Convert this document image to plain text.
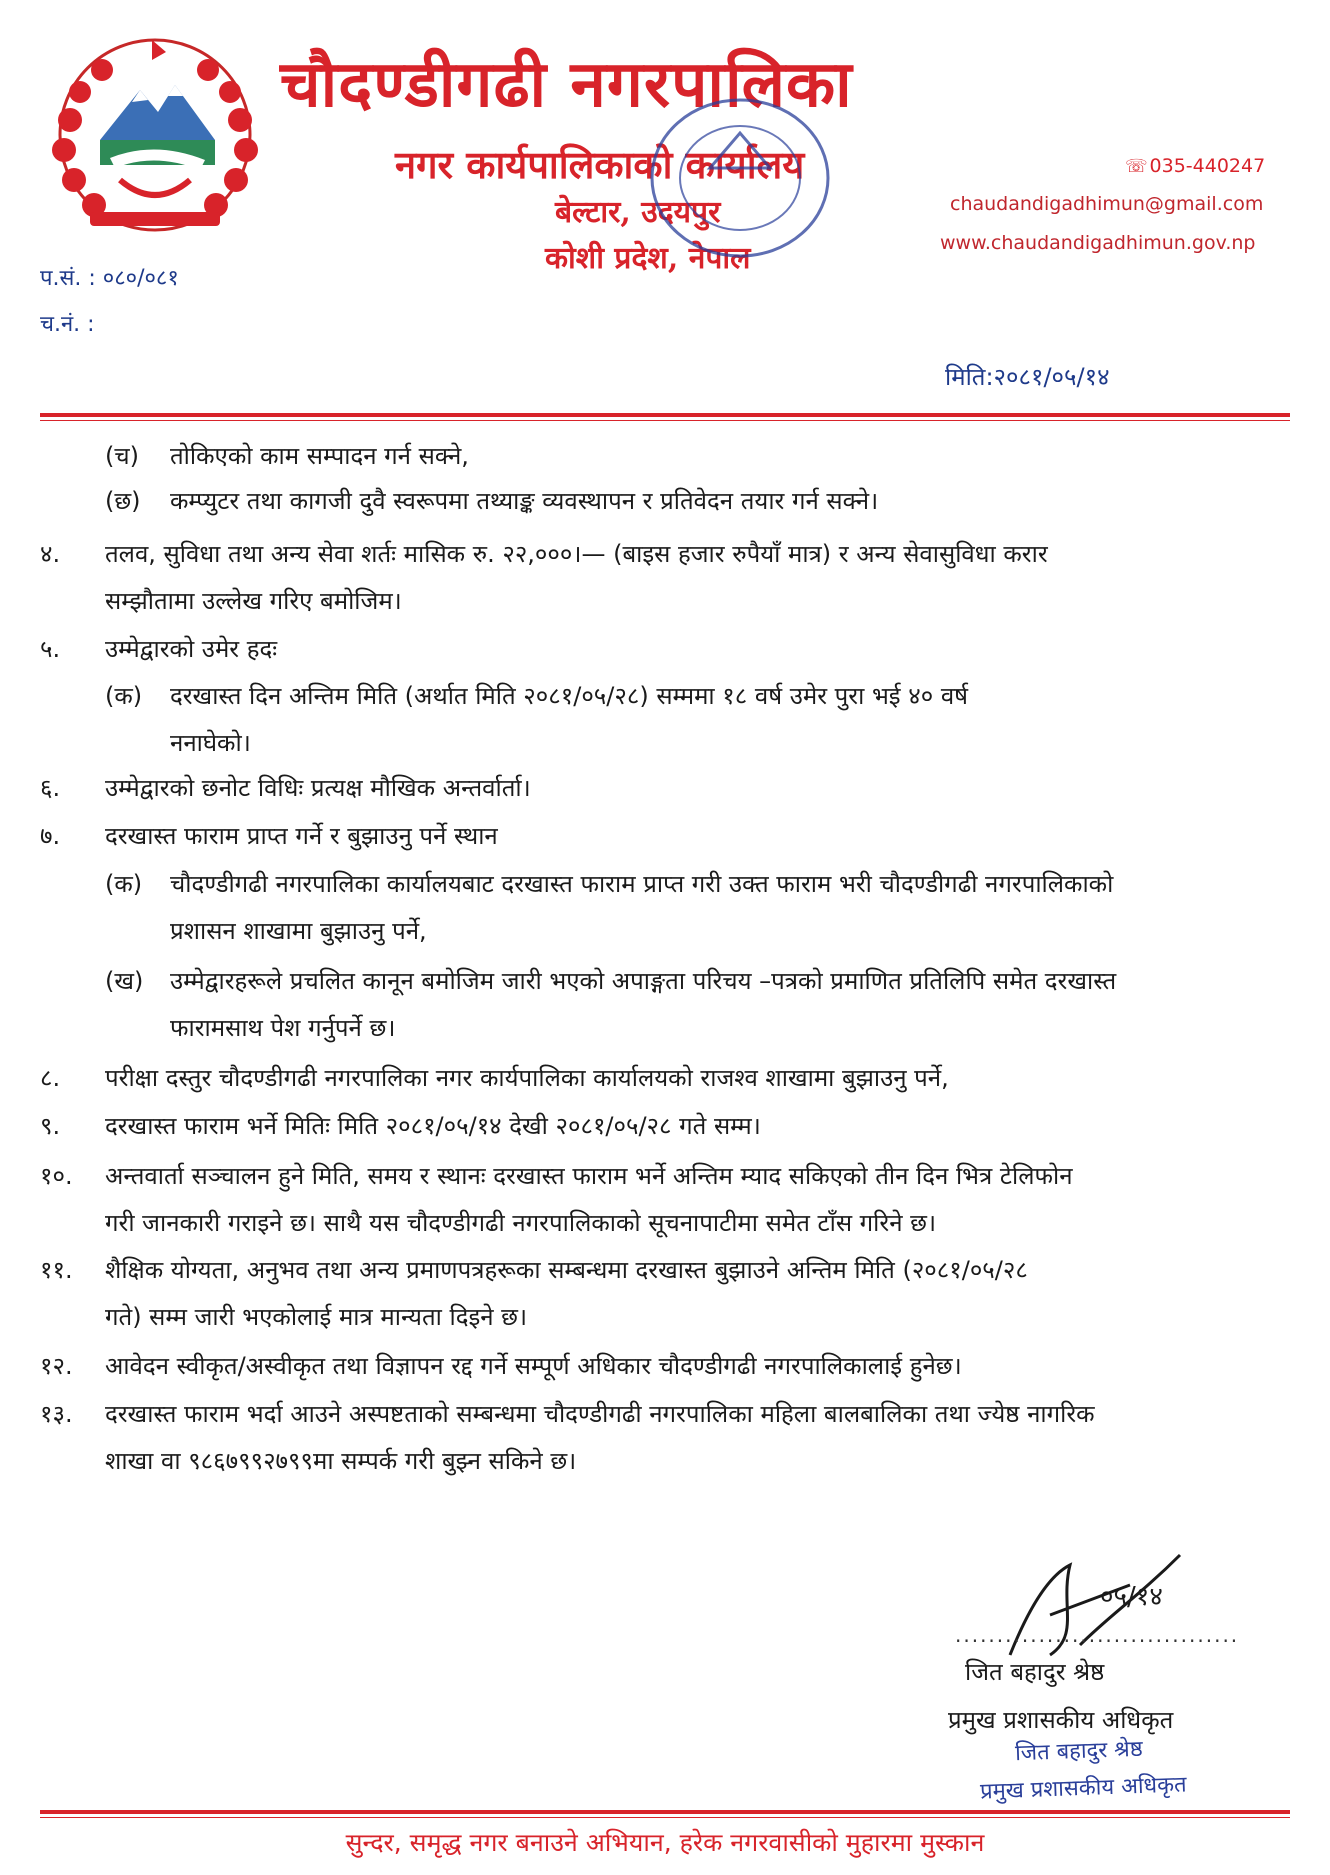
चौदण्डीगढी नगरपालिका
नगर कार्यपालिकाको कार्यालय
बेल्टार, उदयपुर
कोशी प्रदेश, नेपाल
☏ 035-440247
chaudandigadhimun@gmail.com
www.chaudandigadhimun.gov.np
प.सं. : ०८०/०८१
च.नं. :
मिति:२०८१/०५/१४
(च) तोकिएको काम सम्पादन गर्न सक्ने,
(छ) कम्प्युटर तथा कागजी दुवै स्वरूपमा तथ्याङ्क व्यवस्थापन र प्रतिवेदन तयार गर्न सक्ने।
४. तलव, सुविधा तथा अन्य सेवा शर्तः मासिक रु. २२,०००।— (बाइस हजार रुपैयाँ मात्र) र अन्य सेवासुविधा करार
सम्झौतामा उल्लेख गरिए बमोजिम।
५. उम्मेद्वारको उमेर हदः
(क) दरखास्त दिन अन्तिम मिति (अर्थात मिति २०८१/०५/२८) सम्ममा १८ वर्ष उमेर पुरा भई ४० वर्ष
ननाघेको।
६. उम्मेद्वारको छनोट विधिः प्रत्यक्ष मौखिक अन्तर्वार्ता।
७. दरखास्त फाराम प्राप्त गर्ने र बुझाउनु पर्ने स्थान
(क) चौदण्डीगढी नगरपालिका कार्यालयबाट दरखास्त फाराम प्राप्त गरी उक्त फाराम भरी चौदण्डीगढी नगरपालिकाको
प्रशासन शाखामा बुझाउनु पर्ने,
(ख) उम्मेद्वारहरूले प्रचलित कानून बमोजिम जारी भएको अपाङ्गता परिचय –पत्रको प्रमाणित प्रतिलिपि समेत दरखास्त
फारामसाथ पेश गर्नुपर्ने छ।
८. परीक्षा दस्तुर चौदण्डीगढी नगरपालिका नगर कार्यपालिका कार्यालयको राजश्व शाखामा बुझाउनु पर्ने,
९. दरखास्त फाराम भर्ने मितिः मिति २०८१/०५/१४ देखी २०८१/०५/२८ गते सम्म।
१०. अन्तवार्ता सञ्चालन हुने मिति, समय र स्थानः दरखास्त फाराम भर्ने अन्तिम म्याद सकिएको तीन दिन भित्र टेलिफोन
गरी जानकारी गराइने छ। साथै यस चौदण्डीगढी नगरपालिकाको सूचनापाटीमा समेत टाँस गरिने छ।
११. शैक्षिक योग्यता, अनुभव तथा अन्य प्रमाणपत्रहरूका सम्बन्धमा दरखास्त बुझाउने अन्तिम मिति (२०८१/०५/२८
गते) सम्म जारी भएकोलाई मात्र मान्यता दिइने छ।
१२. आवेदन स्वीकृत/अस्वीकृत तथा विज्ञापन रद्द गर्ने सम्पूर्ण अधिकार चौदण्डीगढी नगरपालिकालाई हुनेछ।
१३. दरखास्त फाराम भर्दा आउने अस्पष्टताको सम्बन्धमा चौदण्डीगढी नगरपालिका महिला बालबालिका तथा ज्येष्ठ नागरिक
शाखा वा ९८६७९९२७९९मा सम्पर्क गरी बुझ्न सकिने छ।
०५/१४
..................................
जित बहादुर श्रेष्ठ
प्रमुख प्रशासकीय अधिकृत
जित बहादुर श्रेष्ठ
प्रमुख प्रशासकीय अधिकृत
सुन्दर, समृद्ध नगर बनाउने अभियान, हरेक नगरवासीको मुहारमा मुस्कान
